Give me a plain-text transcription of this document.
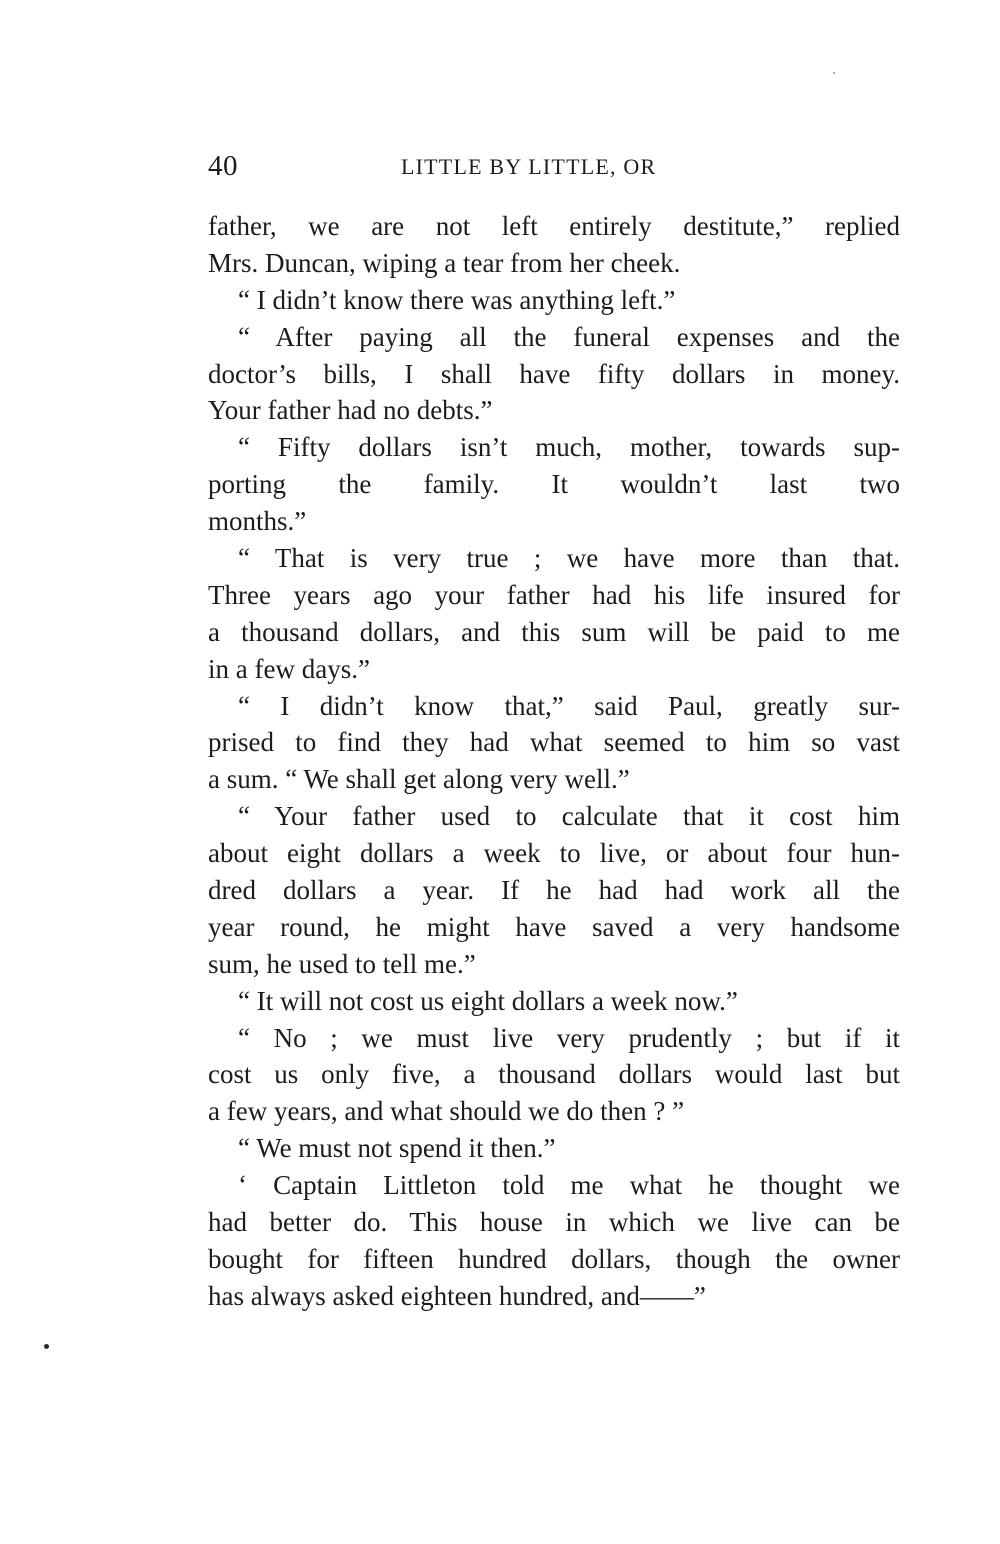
40	LITTLE BY LITTLE, OR
father, we are not left entirely destitute,” replied
Mrs. Duncan, wiping a tear from her cheek.
“ I didn’t know there was anything left.”
“ After paying all the funeral expenses and the
doctor’s bills, I shall have fifty dollars in money.
Your father had no debts.”
“ Fifty dollars isn’t much, mother, towards sup-
porting the family. It wouldn’t last two
months.”
“ That is very true ; we have more than that.
Three years ago your father had his life insured for
a thousand dollars, and this sum will be paid to me
in a few days.”
“ I didn’t know that,” said Paul, greatly sur-
prised to find they had what seemed to him so vast
a sum. “ We shall get along very well.”
“ Your father used to calculate that it cost him
about eight dollars a week to live, or about four hun-
dred dollars a year. If he had had work all the
year round, he might have saved a very handsome
sum, he used to tell me.”
“ It will not cost us eight dollars a week now.”
“ No ; we must live very prudently ; but if it
cost us only five, a thousand dollars would last but
a few years, and what should we do then ? ”
“ We must not spend it then.”
‘ Captain Littleton told me what he thought we
had better do. This house in which we live can be
bought for fifteen hundred dollars, though the owner
has always asked eighteen hundred, and——”
